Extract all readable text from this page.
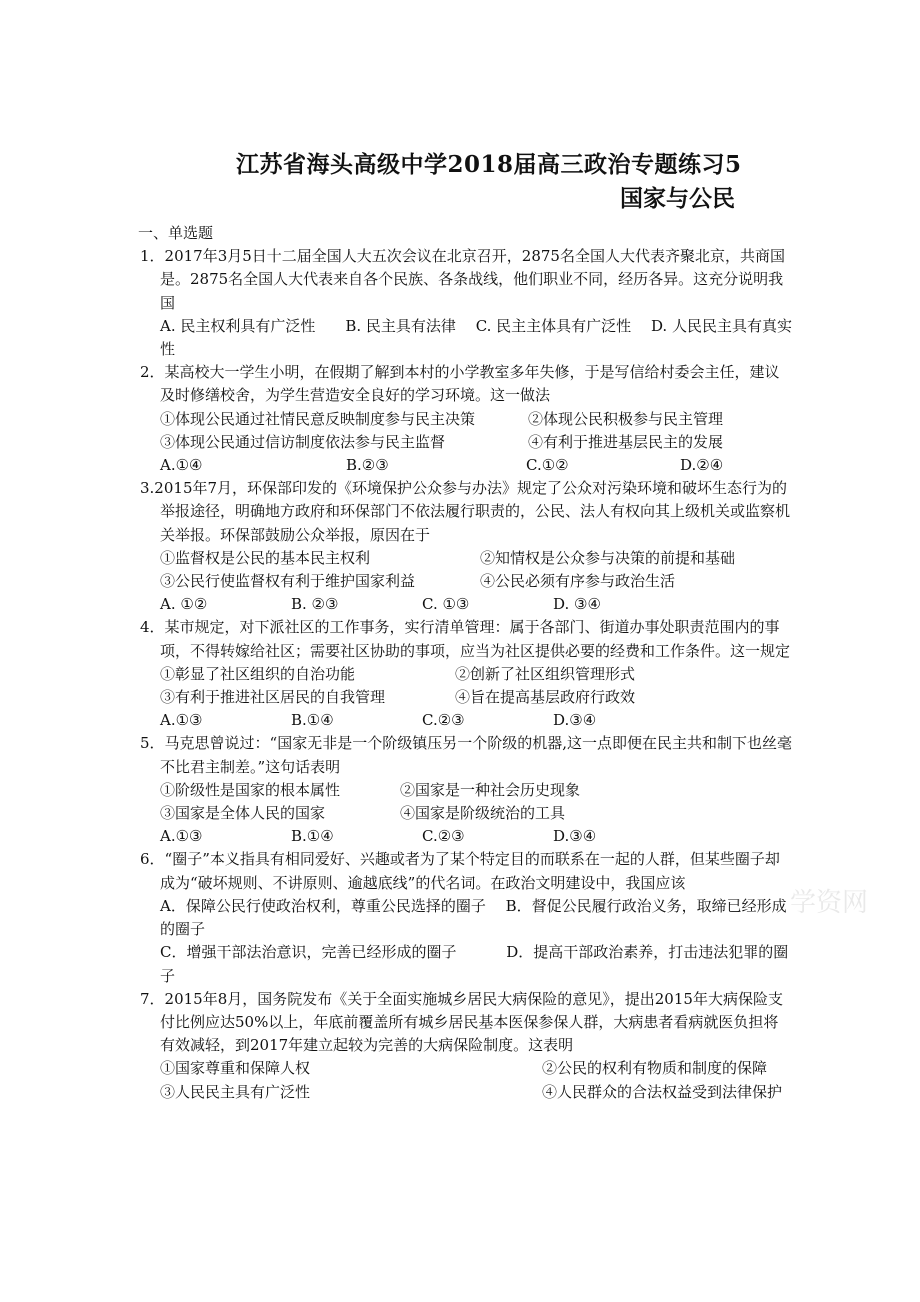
江苏省海头高级中学2018届高三政治专题练习5
国家与公民
一、单选题
1．2017年3月5日十二届全国人大五次会议在北京召开，2875名全国人大代表齐聚北京，共商国是。2875名全国人大代表来自各个民族、各条战线，他们职业不同，经历各异。这充分说明我国
A. 民主权利具有广泛性　　B. 民主具有法律　 C. 民主主体具有广泛性　 D. 人民民主具有真实性
2．某高校大一学生小明，在假期了解到本村的小学教室多年失修，于是写信给村委会主任，建议及时修缮校舍，为学生营造安全良好的学习环境。这一做法
①体现公民通过社情民意反映制度参与民主决策	②体现公民积极参与民主管理
③体现公民通过信访制度依法参与民主监督	④有利于推进基层民主的发展
A.①④	B.②③	C.①②	D.②④
3.2015年7月，环保部印发的《环境保护公众参与办法》规定了公众对污染环境和破坏生态行为的举报途径，明确地方政府和环保部门不依法履行职责的，公民、法人有权向其上级机关或监察机关举报。环保部鼓励公众举报，原因在于
①监督权是公民的基本民主权利	②知情权是公众参与决策的前提和基础
③公民行使监督权有利于维护国家利益	④公民必须有序参与政治生活
A. ①②	B. ②③	C. ①③	D. ③④
4．某市规定，对下派社区的工作事务，实行清单管理：属于各部门、街道办事处职责范围内的事项，不得转嫁给社区；需要社区协助的事项，应当为社区提供必要的经费和工作条件。这一规定
①彰显了社区组织的自治功能	②创新了社区组织管理形式
③有利于推进社区居民的自我管理	④旨在提高基层政府行政效
A.①③	B.①④	C.②③	D.③④
5．马克思曾说过：“国家无非是一个阶级镇压另一个阶级的机器,这一点即便在民主共和制下也丝毫不比君主制差。”这句话表明
①阶级性是国家的根本属性	②国家是一种社会历史现象
③国家是全体人民的国家	④国家是阶级统治的工具
A.①③	B.①④	C.②③	D.③④
6．“圈子”本义指具有相同爱好、兴趣或者为了某个特定目的而联系在一起的人群，但某些圈子却成为“破坏规则、不讲原则、逾越底线”的代名词。在政治文明建设中，我国应该
A．保障公民行使政治权利，尊重公民选择的圈子　 B．督促公民履行政治义务，取缔已经形成的圈子
C．增强干部法治意识，完善已经形成的圈子　　　 D．提高干部政治素养，打击违法犯罪的圈子
7．2015年8月，国务院发布《关于全面实施城乡居民大病保险的意见》，提出2015年大病保险支付比例应达50%以上，年底前覆盖所有城乡居民基本医保参保人群，大病患者看病就医负担将有效减轻，到2017年建立起较为完善的大病保险制度。这表明
①国家尊重和保障人权	②公民的权利有物质和制度的保障
③人民民主具有广泛性	④人民群众的合法权益受到法律保护
学资网
